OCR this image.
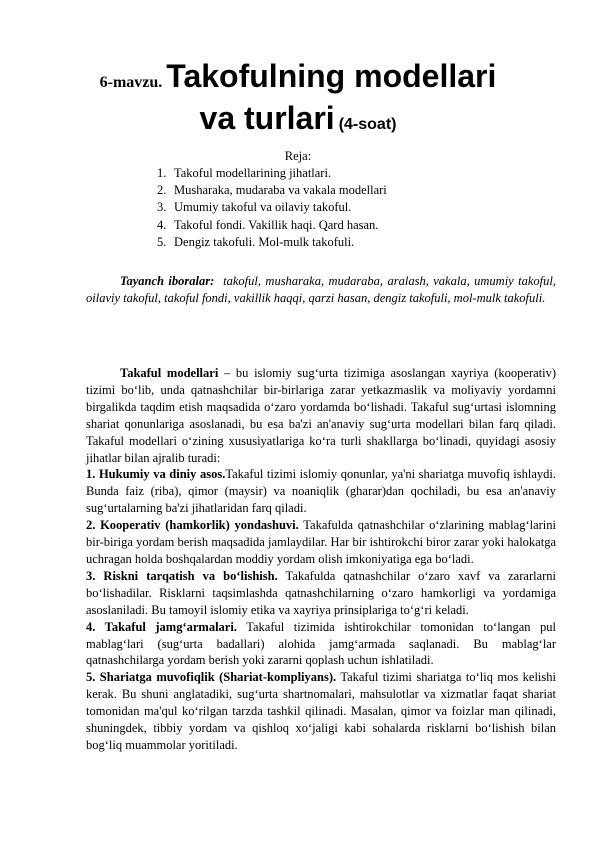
6-mavzu. Takofulning modellari
va turlari (4-soat)
Reja:
1. Takoful modellarining jihatlari.
2. Musharaka, mudaraba va vakala modellari
3. Umumiy takoful va oilaviy takoful.
4. Takoful fondi. Vakillik haqi. Qard hasan.
5. Dengiz takofuli. Mol-mulk takofuli.

Tayanch iboralar: takoful, musharaka, mudaraba, aralash, vakala, umumiy takoful, oilaviy takoful, takoful fondi, vakillik haqqi, qarzi hasan, dengiz takofuli, mol-mulk takofuli.

Takaful modellari – bu islomiy sug‘urta tizimiga asoslangan xayriya (kooperativ) tizimi bo‘lib, unda qatnashchilar bir-birlariga zarar yetkazmaslik va moliyaviy yordamni birgalikda taqdim etish maqsadida o‘zaro yordamda bo‘lishadi. Takaful sug‘urtasi islomning shariat qonunlariga asoslanadi, bu esa ba'zi an'anaviy sug‘urta modellari bilan farq qiladi. Takaful modellari o‘zining xususiyatlariga ko‘ra turli shakllarga bo‘linadi, quyidagi asosiy jihatlar bilan ajralib turadi:

1. Hukumiy va diniy asos.Takaful tizimi islomiy qonunlar, ya'ni shariatga muvofiq ishlaydi. Bunda faiz (riba), qimor (maysir) va noaniqlik (gharar)dan qochiladi, bu esa an'anaviy sug‘urtalarning ba'zi jihatlaridan farq qiladi.

2. Kooperativ (hamkorlik) yondashuvi. Takafulda qatnashchilar o‘zlarining mablag‘larini bir-biriga yordam berish maqsadida jamlaydilar. Har bir ishtirokchi biror zarar yoki halokatga uchragan holda boshqalardan moddiy yordam olish imkoniyatiga ega bo‘ladi.

3. Riskni tarqatish va bo‘lishish. Takafulda qatnashchilar o‘zaro xavf va zararlarni bo‘lishadilar. Risklarni taqsimlashda qatnashchilarning o‘zaro hamkorligi va yordamiga asoslaniladi. Bu tamoyil islomiy etika va xayriya prinsiplariga to‘g‘ri keladi.

4. Takaful jamg‘armalari. Takaful tizimida ishtirokchilar tomonidan to‘langan pul mablag‘lari (sug‘urta badallari) alohida jamg‘armada saqlanadi. Bu mablag‘lar qatnashchilarga yordam berish yoki zararni qoplash uchun ishlatiladi.

5. Shariatga muvofiqlik (Shariat-kompliyans). Takaful tizimi shariatga to‘liq mos kelishi kerak. Bu shuni anglatadiki, sug‘urta shartnomalari, mahsulotlar va xizmatlar faqat shariat tomonidan ma'qul ko‘rilgan tarzda tashkil qilinadi. Masalan, qimor va foizlar man qilinadi, shuningdek, tibbiy yordam va qishloq xo‘jaligi kabi sohalarda risklarni bo‘lishish bilan bog‘liq muammolar yoritiladi.
